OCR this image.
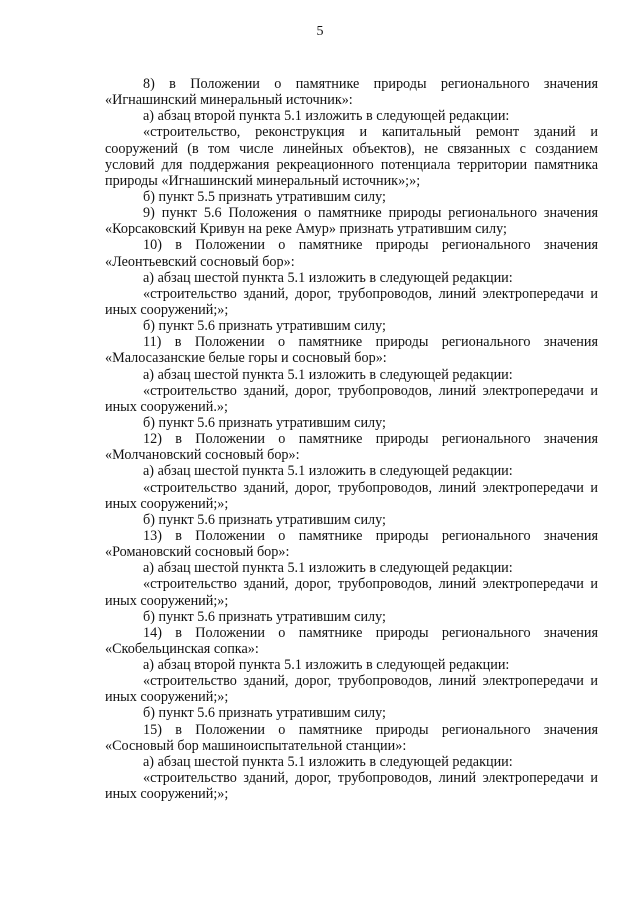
5
8) в Положении о памятнике природы регионального значения
«Игнашинский минеральный источник»:
а) абзац второй пункта 5.1 изложить в следующей редакции:
«строительство, реконструкция и капитальный ремонт зданий и
сооружений (в том числе линейных объектов), не связанных с созданием
условий для поддержания рекреационного потенциала территории памятника
природы «Игнашинский минеральный источник»;»;
б) пункт 5.5 признать утратившим силу;
9) пункт 5.6 Положения о памятнике природы регионального значения
«Корсаковский Кривун на реке Амур» признать утратившим силу;
10) в Положении о памятнике природы регионального значения
«Леонтьевский сосновый бор»:
а) абзац шестой пункта 5.1 изложить в следующей редакции:
«строительство зданий, дорог, трубопроводов, линий электропередачи и
иных сооружений;»;
б) пункт 5.6 признать утратившим силу;
11) в Положении о памятнике природы регионального значения
«Малосазанские белые горы и сосновый бор»:
а) абзац шестой пункта 5.1 изложить в следующей редакции:
«строительство зданий, дорог, трубопроводов, линий электропередачи и
иных сооружений.»;
б) пункт 5.6 признать утратившим силу;
12) в Положении о памятнике природы регионального значения
«Молчановский сосновый бор»:
а) абзац шестой пункта 5.1 изложить в следующей редакции:
«строительство зданий, дорог, трубопроводов, линий электропередачи и
иных сооружений;»;
б) пункт 5.6 признать утратившим силу;
13) в Положении о памятнике природы регионального значения
«Романовский сосновый бор»:
а) абзац шестой пункта 5.1 изложить в следующей редакции:
«строительство зданий, дорог, трубопроводов, линий электропередачи и
иных сооружений;»;
б) пункт 5.6 признать утратившим силу;
14) в Положении о памятнике природы регионального значения
«Скобельцинская сопка»:
а) абзац второй пункта 5.1 изложить в следующей редакции:
«строительство зданий, дорог, трубопроводов, линий электропередачи и
иных сооружений;»;
б) пункт 5.6 признать утратившим силу;
15) в Положении о памятнике природы регионального значения
«Сосновый бор машиноиспытательной станции»:
а) абзац шестой пункта 5.1 изложить в следующей редакции:
«строительство зданий, дорог, трубопроводов, линий электропередачи и
иных сооружений;»;
